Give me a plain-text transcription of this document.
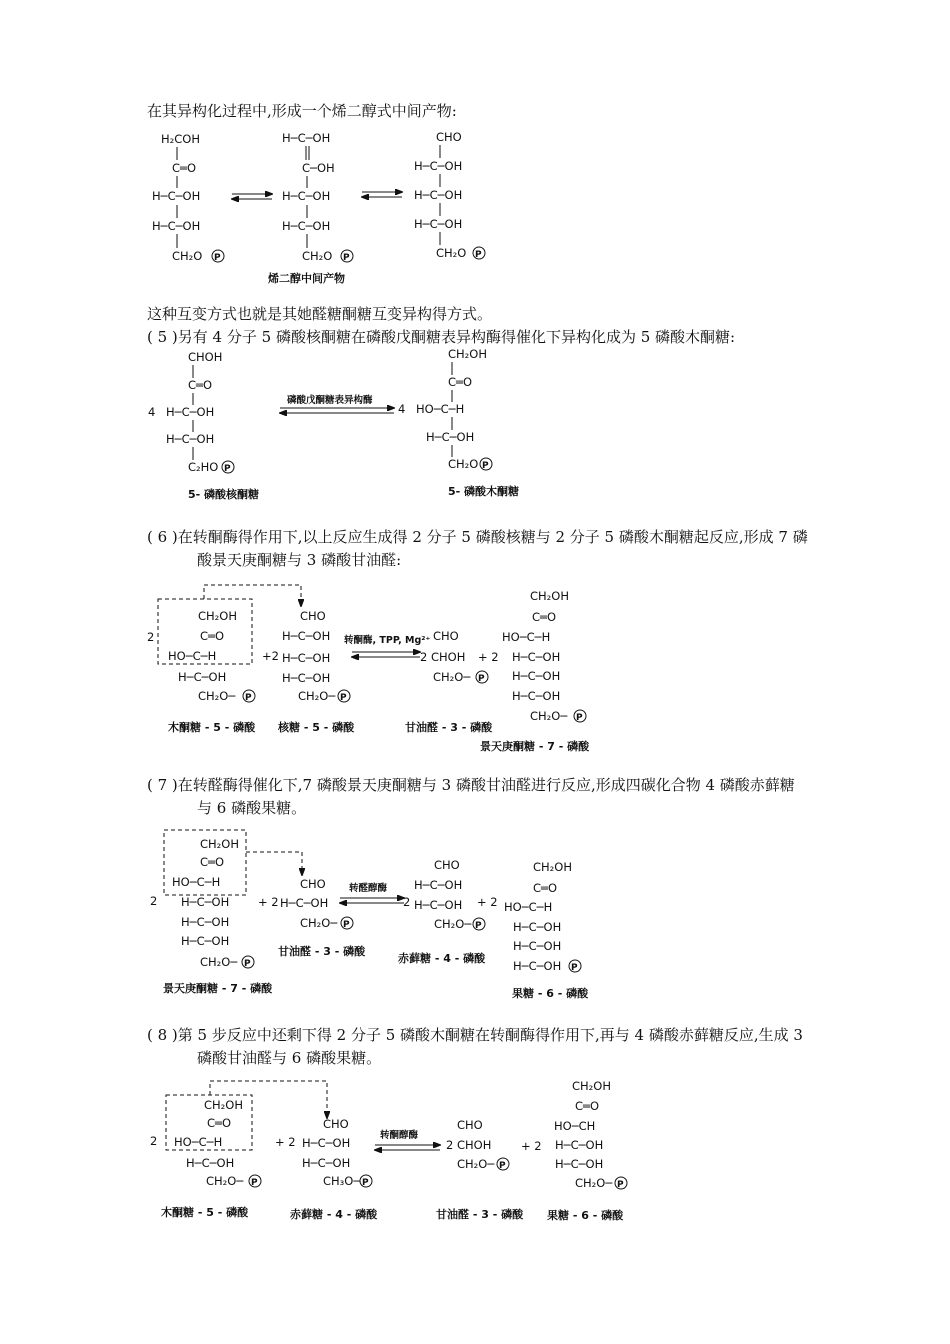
在其异构化过程中,形成一个烯二醇式中间产物:
这种互变方式也就是其她醛糖酮糖互变异构得方式。
( 5 )另有 4 分子 5 磷酸核酮糖在磷酸戊酮糖表异构酶得催化下异构化成为 5 磷酸木酮糖:
( 6 )在转酮酶得作用下,以上反应生成得 2 分子 5 磷酸核糖与 2 分子 5 磷酸木酮糖起反应,形成 7 磷
酸景天庚酮糖与 3 磷酸甘油醛:
( 7 )在转醛酶得催化下,7 磷酸景天庚酮糖与 3 磷酸甘油醛进行反应,形成四碳化合物 4 磷酸赤藓糖
与 6 磷酸果糖。
( 8 )第 5 步反应中还剩下得 2 分子 5 磷酸木酮糖在转酮酶得作用下,再与 4 磷酸赤藓糖反应,生成 3
磷酸甘油醛与 6 磷酸果糖。
H₂COH
C═O
H─C─OH
H─C─OH
CH₂O P
H─C─OH
C─OH
H─C─OH
H─C─OH
CH₂O P
CHO
H─C─OH
H─C─OH
H─C─OH
CH₂O P
烯二醇中间产物
4
CHOH
C═O
H─C─OH
H─C─OH
C₂HO P
磷酸戊酮糖表异构酶
4
CH₂OH
C═O
HO─C─H
H─C─OH
CH₂O P
5- 磷酸核酮糖	5- 磷酸木酮糖
2
CH₂OH
C═O
HO─C─H
H─C─OH
CH₂O─ P
+2
CHO
H─C─OH
H─C─OH
H─C─OH
CH₂O─ P
转酮酶, TPP, Mg²⁺ CHO
2 CHOH
CH₂O─ P
+ 2
CH₂OH
C═O
HO─C─H
H─C─OH
H─C─OH
H─C─OH
CH₂O─ P
木酮糖 - 5 - 磷酸 核糖 - 5 - 磷酸	甘油醛 - 3 - 磷酸
景天庚酮糖 - 7 - 磷酸
2
CH₂OH
C═O
HO─C─H
H─C─OH
H─C─OH
H─C─OH
CH₂O─ P
+ 2
CHO
H─C─OH
CH₂O─ P
转醛醇酶
2
CHO
H─C─OH
H─C─OH
CH₂O─ P
+ 2
CH₂OH
C═O
HO─C─H
H─C─OH
H─C─OH
H─C─OH P
景天庚酮糖 - 7 - 磷酸
甘油醛 - 3 - 磷酸
赤藓糖 - 4 - 磷酸
果糖 - 6 - 磷酸
2
CH₂OH
C═O
HO─C─H
H─C─OH
CH₂O─ P
+ 2
CHO
H─C─OH
H─C─OH
CH₃O─ P
转酮醇酶
CHO
2 CHOH
CH₂O─ P
+ 2
CH₂OH
C═O
HO─CH
H─C─OH
H─C─OH
CH₂O─ P
木酮糖 - 5 - 磷酸	赤藓糖 - 4 - 磷酸	甘油醛 - 3 - 磷酸 果糖 - 6 - 磷酸
